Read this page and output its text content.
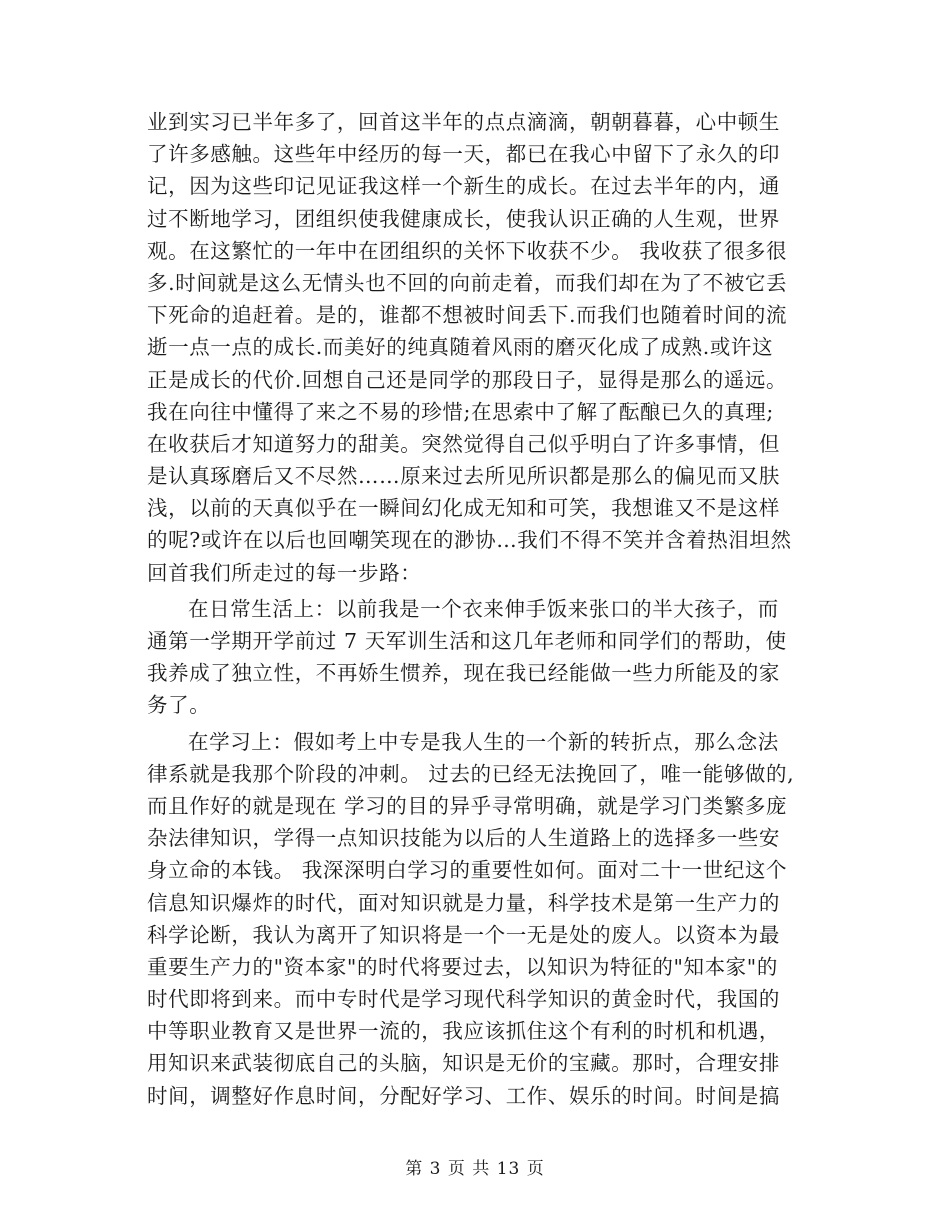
业到实习已半年多了，回首这半年的点点滴滴，朝朝暮暮，心中顿生
了许多感触。这些年中经历的每一天，都已在我心中留下了永久的印
记，因为这些印记见证我这样一个新生的成长。在过去半年的内，通
过不断地学习，团组织使我健康成长，使我认识正确的人生观，世界
观。在这繁忙的一年中在团组织的关怀下收获不少。 我收获了很多很
多.时间就是这么无情头也不回的向前走着，而我们却在为了不被它丢
下死命的追赶着。是的，谁都不想被时间丢下.而我们也随着时间的流
逝一点一点的成长.而美好的纯真随着风雨的磨灭化成了成熟.或许这
正是成长的代价.回想自己还是同学的那段日子，显得是那么的遥远。
我在向往中懂得了来之不易的珍惜;在思索中了解了酝酿已久的真理;
在收获后才知道努力的甜美。突然觉得自己似乎明白了许多事情，但
是认真琢磨后又不尽然……原来过去所见所识都是那么的偏见而又肤
浅，以前的天真似乎在一瞬间幻化成无知和可笑，我想谁又不是这样
的呢?或许在以后也回嘲笑现在的渺协…我们不得不笑并含着热泪坦然
回首我们所走过的每一步路：
在日常生活上：以前我是一个衣来伸手饭来张口的半大孩子，而
通第一学期开学前过 7 天军训生活和这几年老师和同学们的帮助，使
我养成了独立性，不再娇生惯养，现在我已经能做一些力所能及的家
务了。
在学习上：假如考上中专是我人生的一个新的转折点，那么念法
律系就是我那个阶段的冲刺。 过去的已经无法挽回了，唯一能够做的,
而且作好的就是现在 学习的目的异乎寻常明确，就是学习门类繁多庞
杂法律知识，学得一点知识技能为以后的人生道路上的选择多一些安
身立命的本钱。 我深深明白学习的重要性如何。面对二十一世纪这个
信息知识爆炸的时代，面对知识就是力量，科学技术是第一生产力的
科学论断，我认为离开了知识将是一个一无是处的废人。以资本为最
重要生产力的"资本家"的时代将要过去，以知识为特征的"知本家"的
时代即将到来。而中专时代是学习现代科学知识的黄金时代，我国的
中等职业教育又是世界一流的，我应该抓住这个有利的时机和机遇，
用知识来武装彻底自己的头脑，知识是无价的宝藏。那时，合理安排
时间，调整好作息时间，分配好学习、工作、娱乐的时间。时间是搞
第 3 页 共 13 页
